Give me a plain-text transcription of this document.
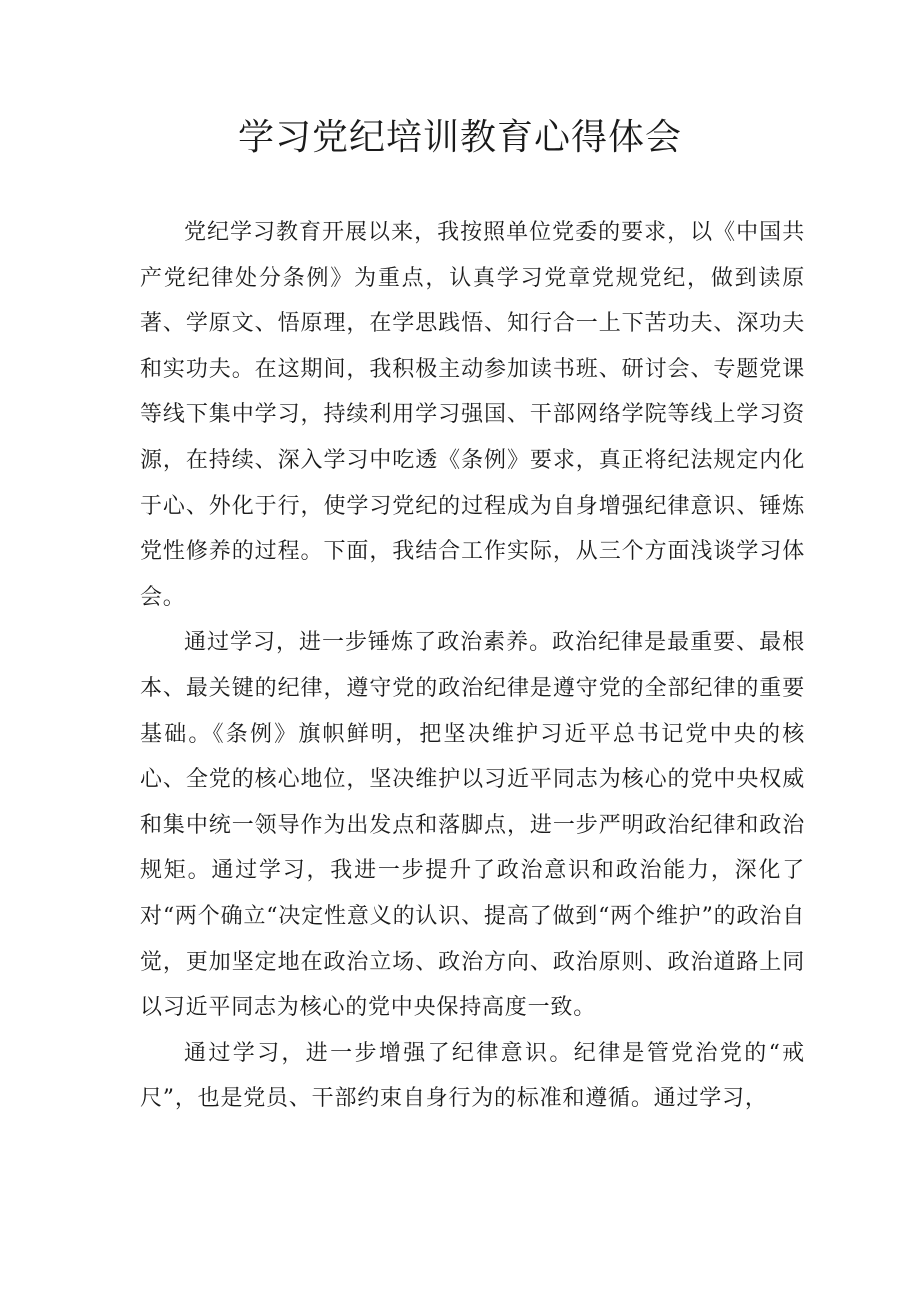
学习党纪培训教育心得体会

党纪学习教育开展以来，我按照单位党委的要求，以《中国共产党纪律处分条例》为重点，认真学习党章党规党纪，做到读原著、学原文、悟原理，在学思践悟、知行合一上下苦功夫、深功夫和实功夫。在这期间，我积极主动参加读书班、研讨会、专题党课等线下集中学习，持续利用学习强国、干部网络学院等线上学习资源，在持续、深入学习中吃透《条例》要求，真正将纪法规定内化于心、外化于行，使学习党纪的过程成为自身增强纪律意识、锤炼党性修养的过程。下面，我结合工作实际，从三个方面浅谈学习体会。

通过学习，进一步锤炼了政治素养。政治纪律是最重要、最根本、最关键的纪律，遵守党的政治纪律是遵守党的全部纪律的重要基础。《条例》旗帜鲜明，把坚决维护习近平总书记党中央的核心、全党的核心地位，坚决维护以习近平同志为核心的党中央权威和集中统一领导作为出发点和落脚点，进一步严明政治纪律和政治规矩。通过学习，我进一步提升了政治意识和政治能力，深化了对“两个确立“决定性意义的认识、提高了做到“两个维护”的政治自觉，更加坚定地在政治立场、政治方向、政治原则、政治道路上同以习近平同志为核心的党中央保持高度一致。

通过学习，进一步增强了纪律意识。纪律是管党治党的“戒尺”，也是党员、干部约束自身行为的标准和遵循。通过学习，
